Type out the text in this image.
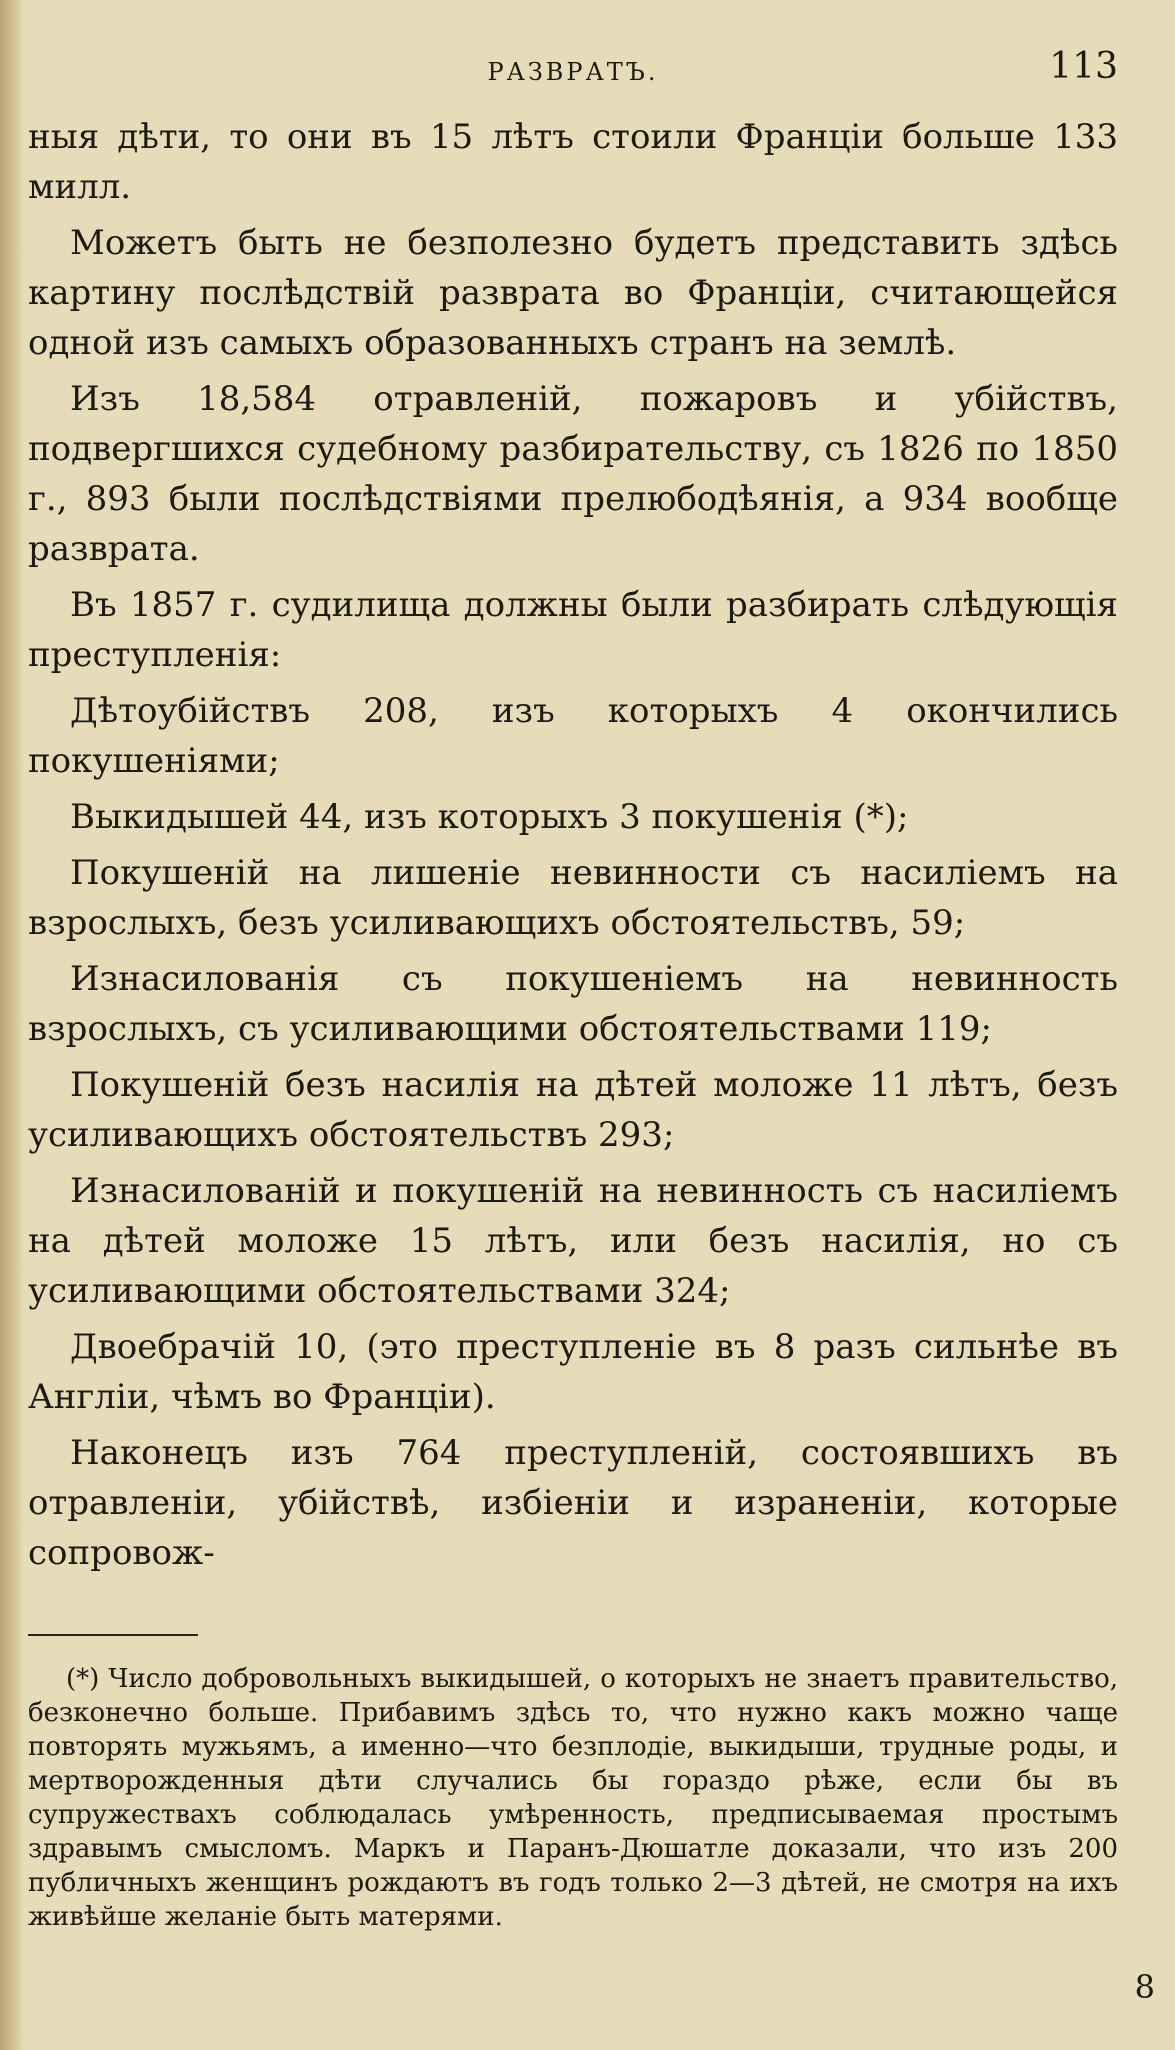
РАЗВРАТЪ.	113

ныя дѣти, то они въ 15 лѣтъ стоили Франціи больше 133 милл.

Можетъ быть не безполезно будетъ представить здѣсь картину послѣдствій разврата во Франціи, считающейся одной изъ самыхъ образованныхъ странъ на землѣ.

Изъ 18,584 отравленій, пожаровъ и убійствъ, подвергшихся судебному разбирательству, съ 1826 по 1850 г., 893 были послѣдствіями прелюбодѣянія, а 934 вообще разврата.

Въ 1857 г. судилища должны были разбирать слѣдующія преступленія:

Дѣтоубійствъ 208, изъ которыхъ 4 окончились покушеніями;

Выкидышей 44, изъ которыхъ 3 покушенія (*);

Покушеній на лишеніе невинности съ насиліемъ на взрослыхъ, безъ усиливающихъ обстоятельствъ, 59;

Изнасилованія съ покушеніемъ на невинность взрослыхъ, съ усиливающими обстоятельствами 119;

Покушеній безъ насилія на дѣтей моложе 11 лѣтъ, безъ усиливающихъ обстоятельствъ 293;

Изнасилованій и покушеній на невинность съ насиліемъ на дѣтей моложе 15 лѣтъ, или безъ насилія, но съ усиливающими обстоятельствами 324;

Двоебрачій 10, (это преступленіе въ 8 разъ сильнѣе въ Англіи, чѣмъ во Франціи).

Наконецъ изъ 764 преступленій, состоявшихъ въ отравленіи, убійствѣ, избіеніи и израненіи, которые сопровож-

(*) Число добровольныхъ выкидышей, о которыхъ не знаетъ правительство, безконечно больше. Прибавимъ здѣсь то, что нужно какъ можно чаще повторять мужьямъ, а именно—что безплодіе, выкидыши, трудные роды, и мертворожденныя дѣти случались бы гораздо рѣже, если бы въ супружествахъ соблюдалась умѣренность, предписываемая простымъ здравымъ смысломъ. Маркъ и Паранъ-Дюшатле доказали, что изъ 200 публичныхъ женщинъ рождаютъ въ годъ только 2—3 дѣтей, не смотря на ихъ живѣйше желаніе быть матерями.

8
